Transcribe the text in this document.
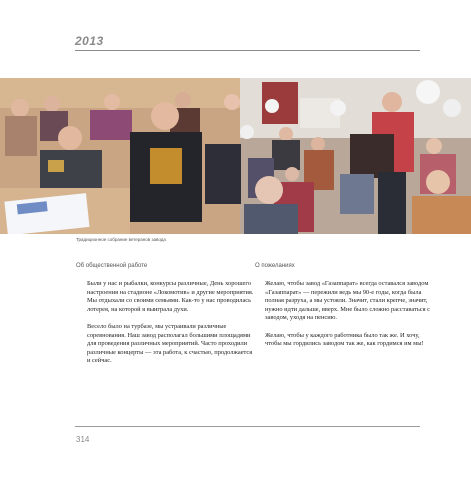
2013
Традиционное собрание ветеранов завода
Об общественной работе	О пожеланиях

Были у нас и рыбалки, конкурсы различные, День хорошего настроения на стадионе «Локомотив» и другие мероприятия. Мы отдыхали со своими семьями. Как-то у нас проводилась лотерея, на которой я выиграла духи.

Весело было на турбазе, мы устраивали различные соревнования. Наш завод располагал большими площадями для проведения различных мероприятий. Часто проходили различные концерты — эта работа, к счастью, продолжается и сейчас.

Желаю, чтобы завод «Газаппарат» всегда оставался заводом «Газаппарат» — пережили ведь мы 90-е годы, когда была полная разруха, а мы устояли. Значит, стали крепче, значит, нужно идти дальше, вверх. Мне было сложно расставаться с заводом, уходя на пенсию.

Желаю, чтобы у каждого работника было так же. И хочу, чтобы мы гордились заводом так же, как гордимся им мы!

314
